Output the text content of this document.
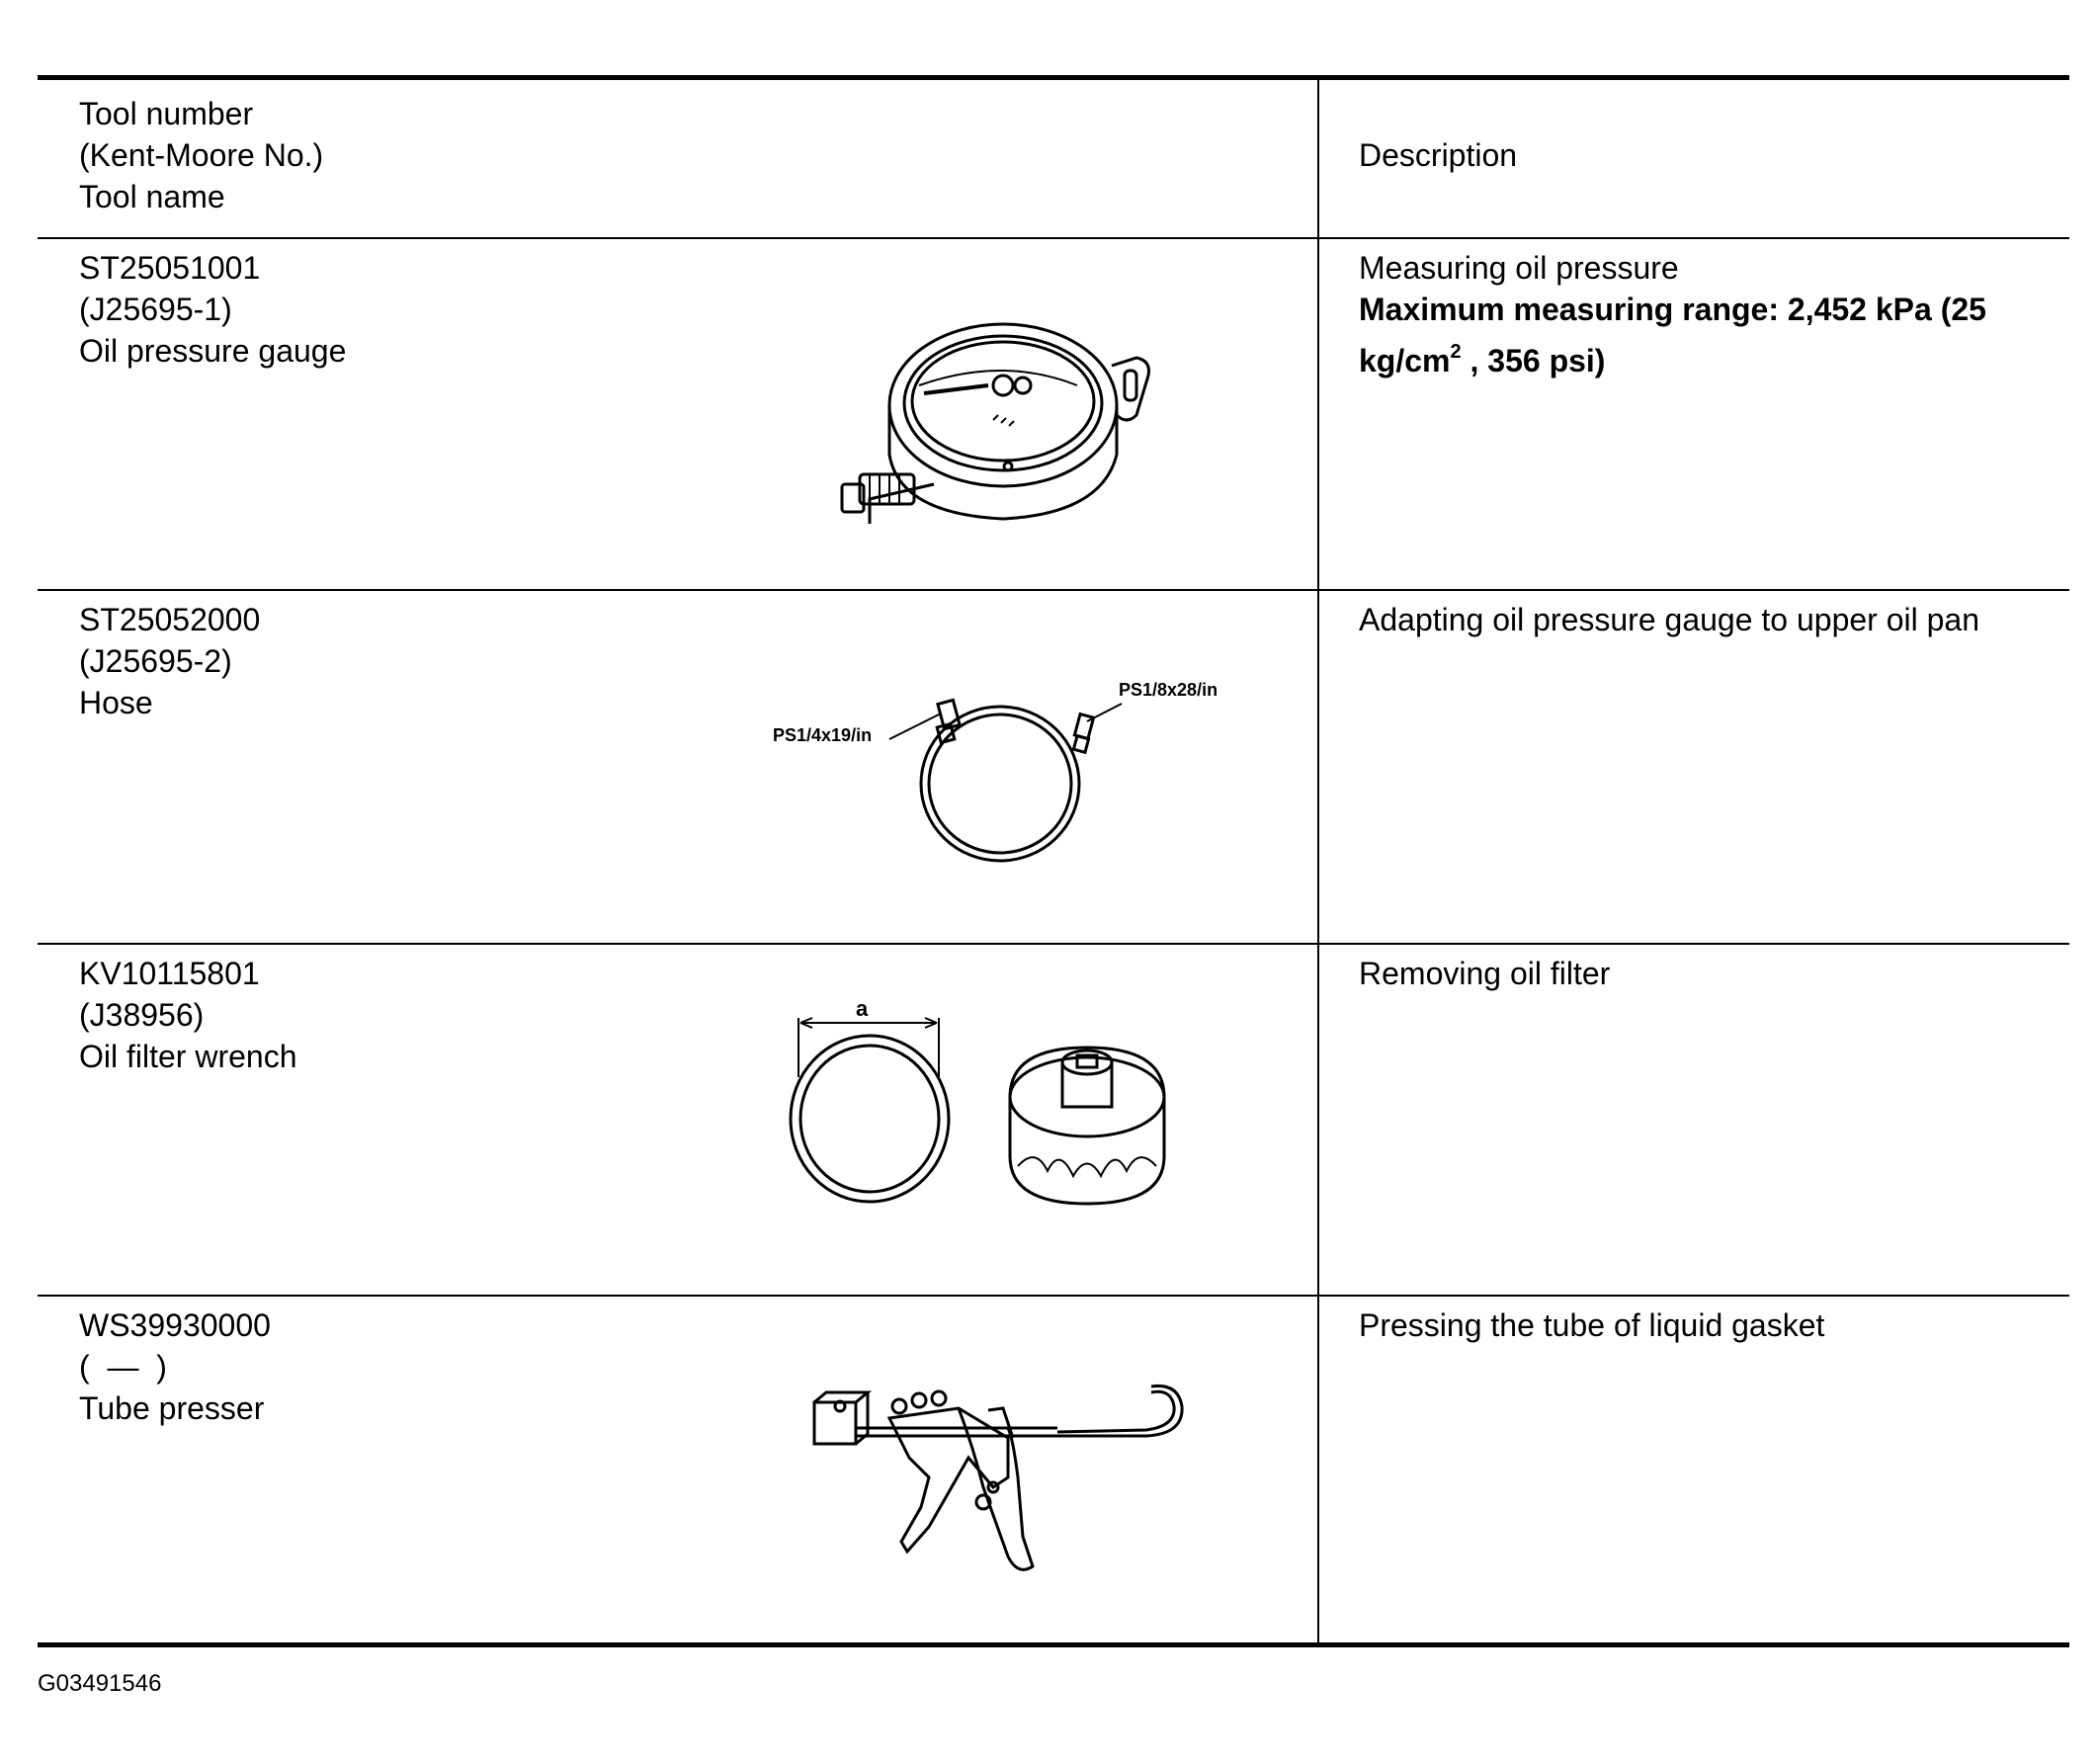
Tool number
(Kent-Moore No.)
Tool name
Description
ST25051001
(J25695-1)
Oil pressure gauge
Measuring oil pressure
Maximum measuring range: 2,452 kPa (25
$kg/cm^2$ , 356 psi)
ST25052000
(J25695-2)
Hose
Adapting oil pressure gauge to upper oil pan
PS1/4x19/in
PS1/8x28/in
KV10115801
(J38956)
Oil filter wrench
Removing oil filter
a
WS39930000
(  —  )
Tube presser
Pressing the tube of liquid gasket
G03491546
